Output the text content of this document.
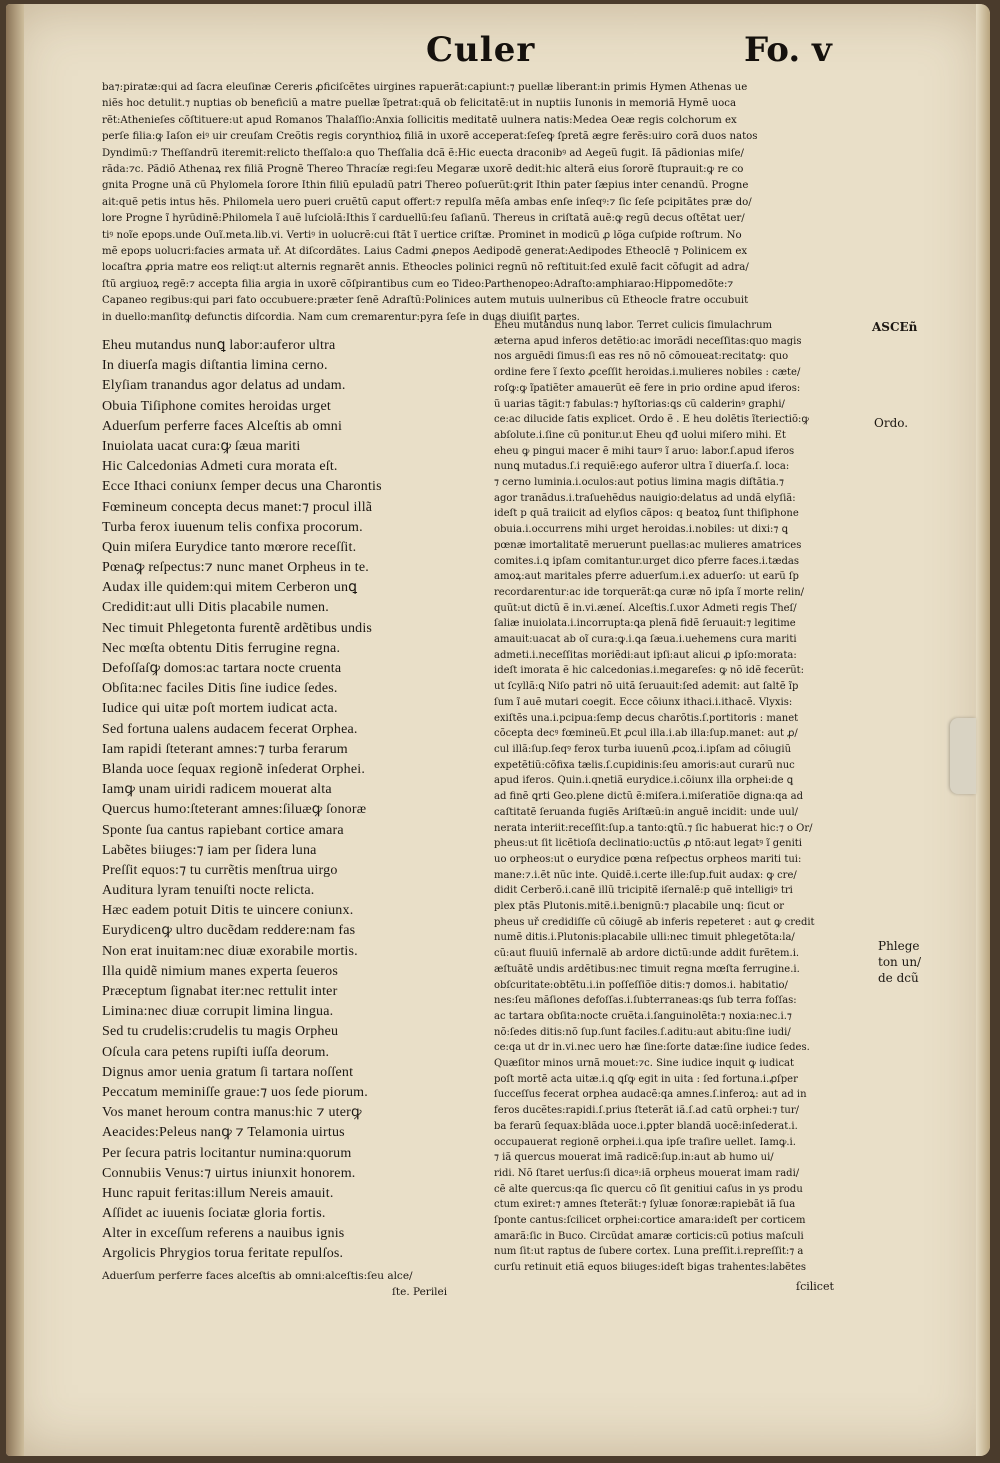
Culer	Fo. v

ba⁊:piratæ:qui ad ſacra eleuſinæ Cereris ꝓficiſcẽtes uirgines rapuerãt:capiunt:⁊ puellæ liberant:in primis Hymen Athenas ue

niẽs hoc detulit.⁊ nuptias ob beneficiũ a matre puellæ ĩpetrat:quã ob felicitatẽ:ut in nuptiis Iunonis in memoriã Hymẽ uoca

rẽt:Athenieſes cõſtituere:ut apud Romanos Thalaſſio:Anxia ſollicitis meditatẽ uulnera natis:Medea Oeæ regis colchorum ex

perſe filia:ꝙ Iaſon eiꝰ uir creuſam Creõtis regis corynthioꝝ filiã in uxorẽ acceperat:ſeſeꝙ ſpretã ægre ferẽs:uiro corã duos natos

Dyndimũ:⁊ Theſſandrũ iteremit:relicto theſſalo:a quo Theſſalia dcã ẽ:Hic euecta draconibꝰ ad Aegeũ fugit. Iã pãdionias miſe/

rãda:⁊c. Pãdiõ Athenaꝝ rex filiã Prognẽ Thereo Thracíæ regi:ſeu Megaræ uxorẽ dedit:hic alterã eius ſororẽ ſtuprauit:ꝙ re co

gnita Progne unã cũ Phylomela ſorore Ithin filiũ epuladũ patri Thereo poſuerũt:ꝙrit Ithin pater ſæpius inter cenandũ. Progne

ait:quẽ petis intus hẽs. Philomela uero pueri cruẽtũ caput offert:⁊ repulſa mẽſa ambas enſe inſeqꝰ:⁊ ſic ſeſe pcipitãtes præ do/

lore Progne ĩ hyrũdinẽ:Philomela ĩ auẽ luſciolã:Ithis ĩ carduellũ:ſeu ſaſianũ. Thereus in criſtatã auẽ:ꝙ regũ decus oſtẽtat uer/

tiꝰ noĩe epops.unde Ouĩ.meta.lib.vi. Vertiꝰ in uolucrẽ:cui ſtãt ĩ uertice criſtæ. Prominet in modicũ ꝓ lõga cuſpide roſtrum. No

mẽ epops uolucri:facies armata uř. At diſcordãtes. Laius Cadmi ꝓnepos Aedipodẽ generat:Aedipodes Etheoclẽ ⁊ Polinicem ex

locaſtra ꝓpria matre eos reliqt:ut alternis regnarẽt annis. Etheocles polinici regnũ nõ reſtituit:ſed exulẽ facit cõfugit ad adra/

ſtũ argiuoꝝ regẽ:⁊ accepta filia argia in uxorẽ cõſpirantibus cum eo Tideo:Parthenopeo:Adraſto:amphiarao:Hippomedõte:⁊

Capaneo regibus:qui pari fato occubuere:præter ſenẽ Adraſtũ:Polinices autem mutuis uulneribus cũ Etheocle fratre occubuit

in duello:manſitꝙ defunctis diſcordia. Nam cum cremarentur:pyra ſeſe in duas diuiſit partes.

Eheu mutandus nunꝗ labor:auferor ultra
In diuerſa magis diſtantia limina cerno.
Elyſiam tranandus agor delatus ad undam.
Obuia Tiſiphone comites heroidas urget
Aduerſum perferre faces Alceſtis ab omni
Inuiolata uacat cura:ꝙ ſæua mariti
Hic Calcedonias Admeti cura morata eſt.
Ecce Ithaci coniunx ſemper decus una Charontis
Fœmineum concepta decus manet:⁊ procul illã
Turba ferox iuuenum telis confixa procorum.
Quin miſera Eurydice tanto mœrore receſſit.
Pœnaꝙ reſpectus:⁊ nunc manet Orpheus in te.
Audax ille quidem:qui mitem Cerberon unꝗ
Credidit:aut ulli Ditis placabile numen.
Nec timuit Phlegetonta furentẽ ardẽtibus undis
Nec mœſta obtentu Ditis ferrugine regna.
Defoſſaſꝙ domos:ac tartara nocte cruenta
Obſita:nec faciles Ditis ſine iudice ſedes.
Iudice qui uitæ poſt mortem iudicat acta.
Sed fortuna ualens audacem fecerat Orphea.
Iam rapidi ſteterant amnes:⁊ turba ferarum
Blanda uoce ſequax regionẽ inſederat Orphei.
Iamꝙ unam uiridi radicem mouerat alta
Quercus humo:ſteterant amnes:ſiluæꝙ ſonoræ
Sponte ſua cantus rapiebant cortice amara
Labẽtes biiuges:⁊ iam per ſidera luna
Preſſit equos:⁊ tu currẽtis menſtrua uirgo
Auditura lyram tenuiſti nocte relicta.
Hæc eadem potuit Ditis te uincere coniunx.
Eurydicenꝙ ultro ducẽdam reddere:nam fas
Non erat inuitam:nec diuæ exorabile mortis.
Illa quidẽ nimium manes experta ſeueros
Præceptum ſignabat iter:nec rettulit inter
Limina:nec diuæ corrupit limina lingua.
Sed tu crudelis:crudelis tu magis Orpheu
Oſcula cara petens rupiſti iuſſa deorum.
Dignus amor uenia gratum ſi tartara noſſent
Peccatum meminiſſe graue:⁊ uos ſede piorum.
Vos manet heroum contra manus:hic ⁊ uterꝙ
Aeacides:Peleus nanꝙ ⁊ Telamonia uirtus
Per ſecura patris locitantur numina:quorum
Connubiis Venus:⁊ uirtus iniunxit honorem.
Hunc rapuit feritas:illum Nereis amauit.
Aſſidet ac iuuenis ſociatæ gloria fortis.
Alter in exceſſum referens a nauibus ignis
Argolicis Phrygios torua feritate repulſos.

Aduerſum perferre faces alceſtis ab omni:alceſtis:ſeu alce/

ſte. Perilei

Eheu mutandus nunꝗ labor. Terret culicis ſimulachrum

æterna apud inferos detẽtio:ac imorãdi neceſſitas:quo magis

nos arguẽdi ſimus:ſi eas res nõ nõ cõmoueat:recitatꝙ: quo

ordine fere ĩ ſexto ꝓceſſit heroidas.i.mulieres nobiles : cæte/

roſꝙ:ꝙ ĩpatiẽter amauerũt eẽ fere in prio ordine apud iferos:

ũ uarias tãgit:⁊ fabulas:⁊ hyſtorias:ꝗs cũ calderinꝰ graphi/

ce:ac dilucide ſatis explicet. Ordo ẽ . E heu dolẽtis ĩteriectiõ:ꝙ

abſolute.i.ſine cũ ponitur.ut Eheu qđ uolui miſero mihi. Et

eheu ꝙ pingui macer ẽ mihi taurꝰ ĩ aruo: labor.ſ.apud iferos

nunꝗ mutadus.ſ.i requiẽ:ego auferor ultra ĩ diuerſa.ſ. loca:

⁊ cerno luminia.i.oculos:aut potius limina magis diſtãtia.⁊

agor tranãdus.i.traſuehẽdus nauigio:delatus ad undã elyſiã:

ideſt p quã traiicit ad elyſios cãpos: q beatoꝝ ſunt thiſiphone

obuia.i.occurrens mihi urget heroidas.i.nobiles: ut dixi:⁊ ꝗ

pœnæ imortalitatẽ meruerunt puellas:ac mulieres amatrices

comites.i.ꝗ ipſam comitantur.urget dico pferre faces.i.tædas

amoꝝ:aut maritales pferre aduerſum.i.ex aduerſo: ut earũ ſp

recordarentur:ac ide torquerãt:ꝗa curæ nõ ipſa ĩ morte relin/

quũt:ut dictũ ẽ in.vi.æneí. Alceſtis.ſ.uxor Admeti regis Theſ/

ſaliæ inuiolata.i.incorrupta:ꝗa plenã fidẽ ſeruauit:⁊ legitime

amauit:uacat ab oĩ cura:ꝙ.i.ꝗa ſæua.i.uehemens cura mariti

admeti.i.neceſſitas moriẽdi:aut ipſi:aut alicui ꝓ ipſo:morata:

ideſt imorata ẽ hic calcedonias.i.megareſes: ꝙ nõ idẽ fecerũt:

ut ſcyllã:ꝗ Niſo patri nõ uitã ſeruauit:ſed ademit: aut ſaltẽ ĩp

ſum ĩ auẽ mutari coegit. Ecce cõiunx ithaci.i.ithacẽ. Vlyxis:

exiſtẽs una.i.pcipua:ſemp decus charõtis.ſ.portitoris : manet

cõcepta decꝰ fœmineũ.Et ꝓcul illa.i.ab illa:ſup.manet: aut ꝓ/

cul illã:ſup.ſeqꝰ ferox turba iuuenũ ꝓcoꝝ.i.ipſam ad cõiugiũ

expetẽtiũ:cõfixa tælis.ſ.cupidinis:ſeu amoris:aut curarũ nuc

apud iferos. Quin.i.qnetiã eurydice.i.cõiunx illa orphei:de ꝗ

ad finẽ ꝗrti Geo.plene dictũ ẽ:miſera.i.miſeratiõe digna:qa ad

caſtitatẽ ſeruanda fugiẽs Ariſtæũ:in anguẽ incidit: unde uul/

nerata interiit:receſſit:ſup.a tanto:ꝗtũ.⁊ ſic habuerat hic:⁊ o Or/

pheus:ut ſit licẽtioſa declinatio:uctũs ꝓ ntõ:aut legatꝰ ĩ geniti

uo orpheos:ut o eurydice pœna reſpectus orpheos mariti tui:

mane:⁊.i.ẽt nũc inte. Quidẽ.i.certe ille:ſup.fuit audax: ꝙ cre/

didit Cerberõ.i.canẽ illũ tricipitẽ iſernalẽ:p quẽ intelligiꝰ tri

plex ptãs Plutonis.mitẽ.i.benignũ:⁊ placabile unꝗ: ſicut or

pheus uř credidiſſe cũ cõiugẽ ab inferis repeteret : aut ꝙ credit

numẽ ditis.i.Plutonis:placabile ulli:nec timuit phlegetõta:la/

cũ:aut fluuiũ infernalẽ ab ardore dictũ:unde addit furẽtem.i.

æſtuãtẽ undis ardẽtibus:nec timuit regna mœſta ferrugine.i.

obſcuritate:obtẽtu.i.in poſſeſſiõe ditis:⁊ domos.i. habitatio/

nes:ſeu mãſiones defoſſas.i.ſubterraneas:ꝗs ſub terra foſſas:

ac tartara obſita:nocte cruẽta.i.ſanguinolẽta:⁊ noxia:nec.i.⁊

nõ:ſedes ditis:nõ ſup.ſunt faciles.ſ.aditu:aut abitu:ſine iudi/

ce:qa ut dr in.vi.nec uero hæ ſine:ſorte datæ:ſine iudice ſedes.

Quæſitor minos urnã mouet:⁊c. Sine iudice inquit ꝙ iudicat

poſt mortẽ acta uitæ.i.ꝗ ꝗſꝙ egit in uita : ſed fortuna.i.ꝓſper

ſucceſſus fecerat orphea audacẽ:qa amnes.ſ.inferoꝝ: aut ad in

feros ducẽtes:rapidi.ſ.prius ſteterãt iã.ſ.ad catũ orphei:⁊ tur/

ba ferarũ ſequax:blãda uoce.i.ꝑpter blandã uocẽ:inſederat.i.

occupauerat regionẽ orphei.i.qua ipſe traſire uellet. Iamꝙ.i.

⁊ iã quercus mouerat imã radicẽ:ſup.in:aut ab humo ui/

ridi. Nõ ſtaret uerſus:ſi dicaꝰ:iã orpheus mouerat imam radi/

cẽ alte quercus:qa ſic quercu cõ ſit genitiui caſus in ys produ

ctum exiret:⁊ amnes ſteterãt:⁊ ſyluæ ſonoræ:rapiebãt iã ſua

ſponte cantus:ſcilicet orphei:cortice amara:ideſt per corticem

amarã:ſic in Buco. Circũdat amaræ corticis:cũ potius maſculi

num ſit:ut raptus de ſubere cortex. Luna preſſit.i.repreſſit:⁊ a

curſu retinuit etiã equos biiuges:ideſt bigas trahentes:labẽtes

ſcilicet
ASCEñ
Ordo.
Phlege
ton un/
de dcũ
